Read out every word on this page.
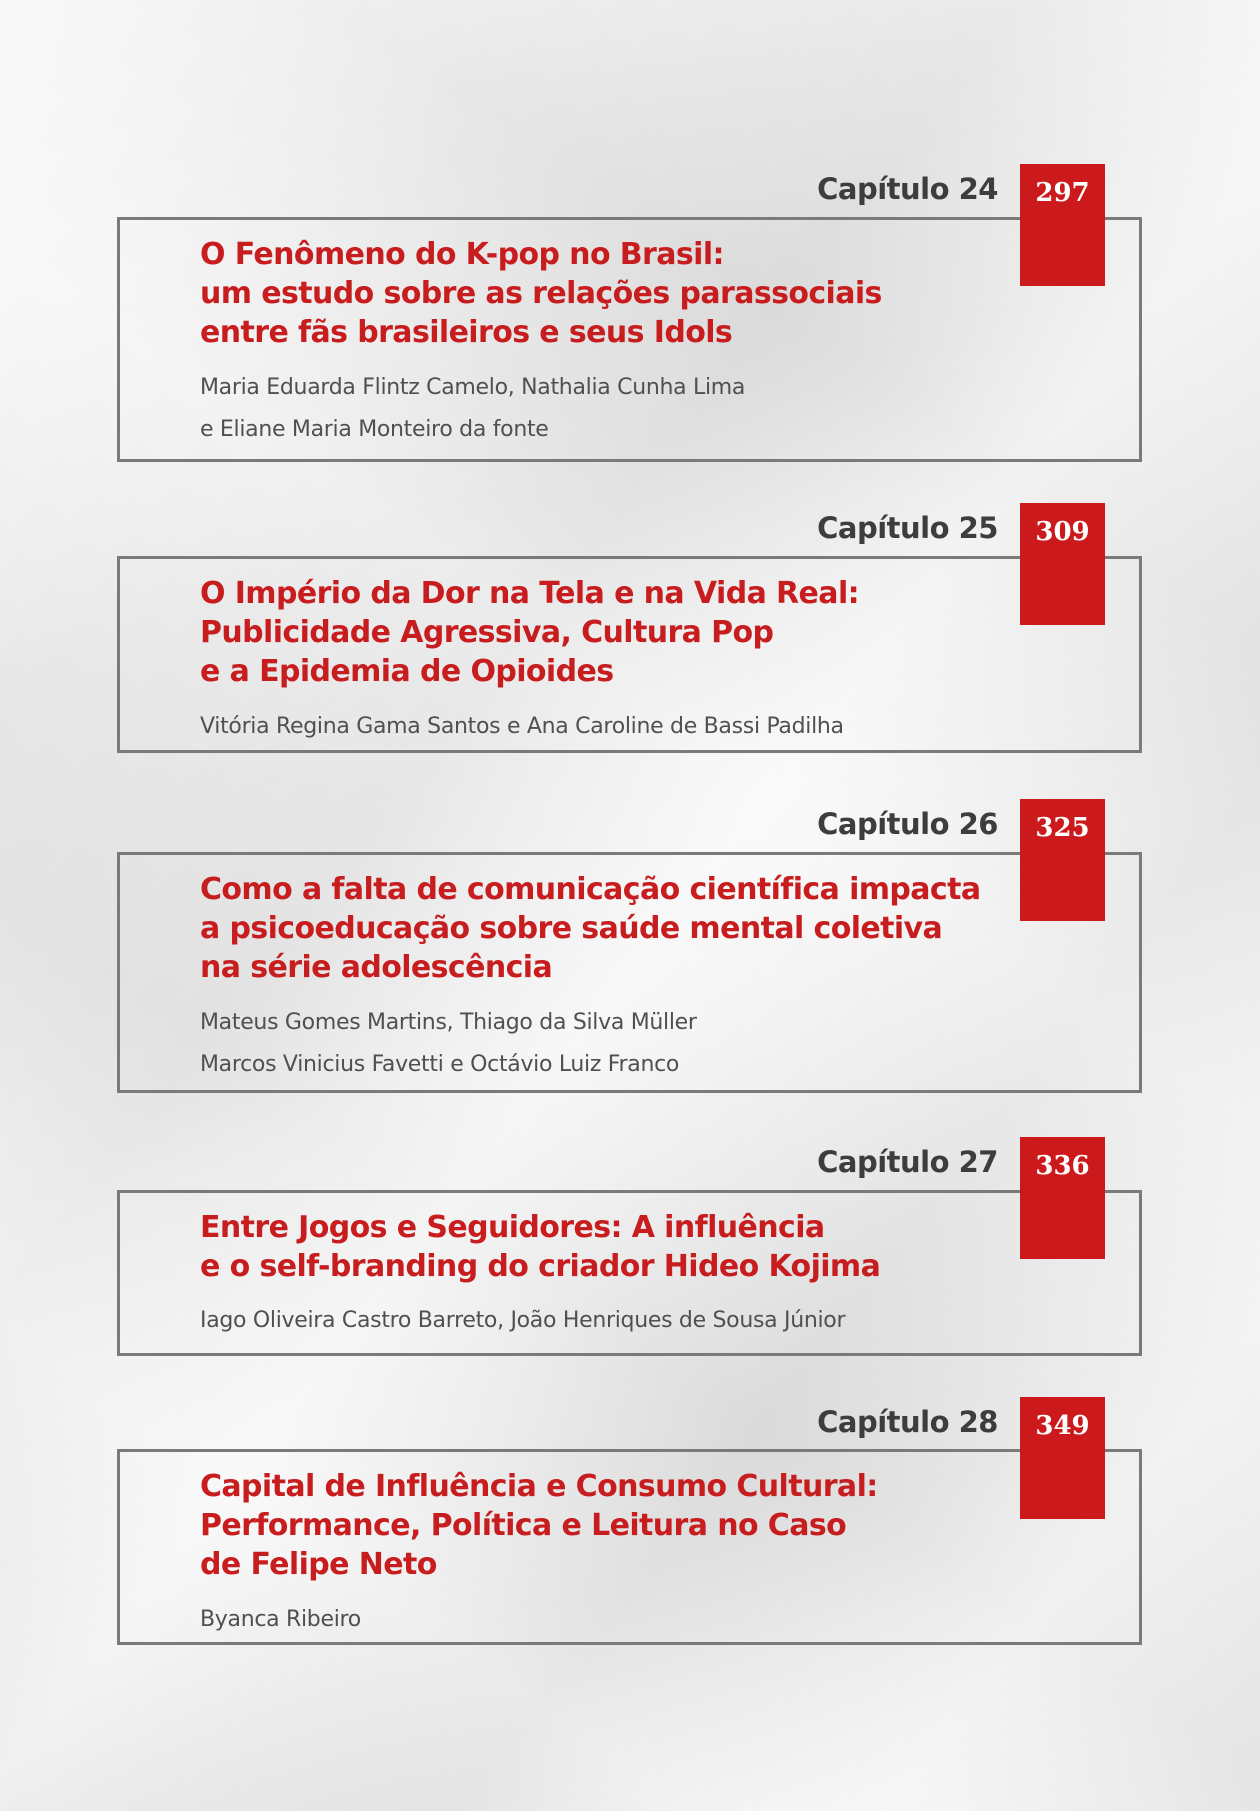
Capítulo 24	297
O Fenômeno do K-pop no Brasil:
um estudo sobre as relações parassociais
entre fãs brasileiros e seus Idols

Maria Eduarda Flintz Camelo, Nathalia Cunha Lima
e Eliane Maria Monteiro da fonte

Capítulo 25	309
O Império da Dor na Tela e na Vida Real:
Publicidade Agressiva, Cultura Pop
e a Epidemia de Opioides

Vitória Regina Gama Santos e Ana Caroline de Bassi Padilha

Capítulo 26	325
Como a falta de comunicação científica impacta
a psicoeducação sobre saúde mental coletiva
na série adolescência

Mateus Gomes Martins, Thiago da Silva Müller
Marcos Vinicius Favetti e Octávio Luiz Franco

Capítulo 27	336
Entre Jogos e Seguidores: A influência
e o self-branding do criador Hideo Kojima

Iago Oliveira Castro Barreto, João Henriques de Sousa Júnior

Capítulo 28	349
Capital de Influência e Consumo Cultural:
Performance, Política e Leitura no Caso
de Felipe Neto

Byanca Ribeiro
